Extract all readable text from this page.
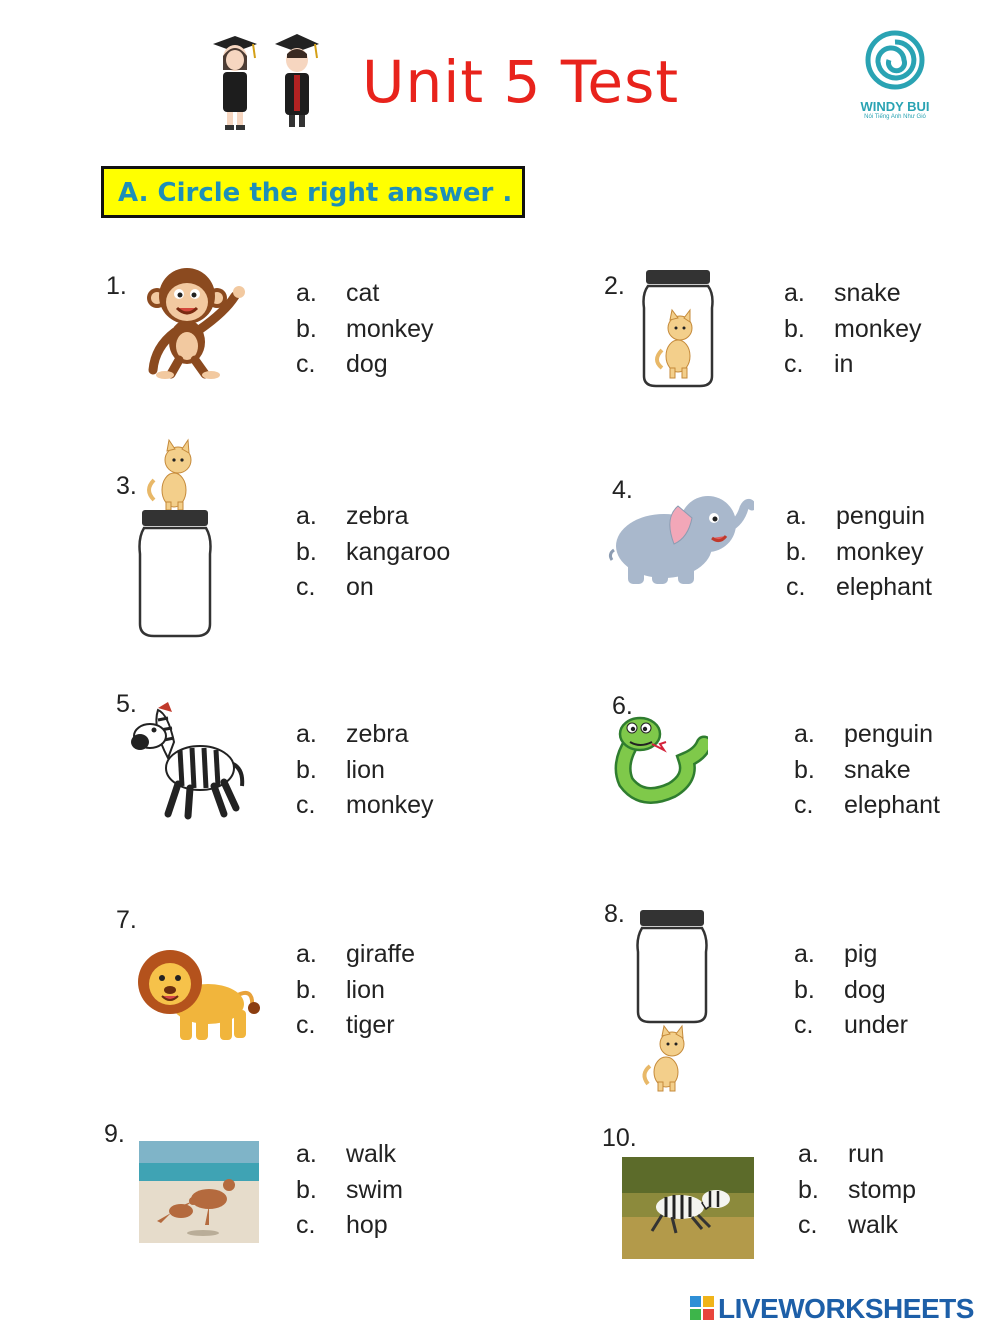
Unit 5 Test	WINDY BUI
Nói Tiếng Anh Như Gió
A. Circle the right answer .
1.	a. cat
b. monkey
c. dog
2.	a. snake
b. monkey
c. in
3.
a. zebra
b. kangaroo
c. on
4.
a. penguin
b. monkey
c. elephant
5.
a. zebra
b. lion
c. monkey
6.
a. penguin
b. snake
c. elephant
7.
a. giraffe
b. lion
c. tiger
8.
a. pig
b. dog
c. under
9.
a. walk
b. swim
c. hop
10.
a. run
b. stomp
c. walk
LIVEWORKSHEETS
